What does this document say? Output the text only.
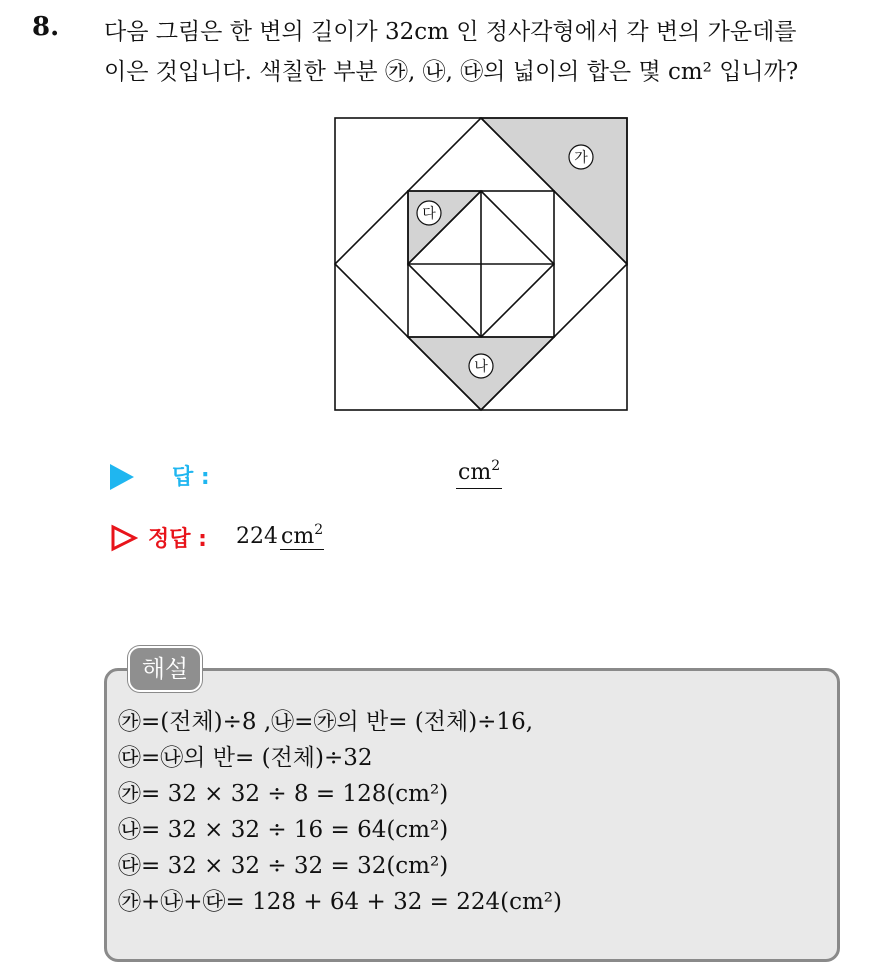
8. 다음 그림은 한 변의 길이가 32cm 인 정사각형에서 각 변의 가운데를
이은 것입니다. 색칠한 부분 ㉮, ㉯, ㉰의 넓이의 합은 몇 cm² 입니까?
가
다
나
답 :	$cm^2$
정답 : 224 $cm^2$
해설
㉮=(전체)÷8 ,㉯=㉮의 반= (전체)÷16,
㉰=㉯의 반= (전체)÷32
㉮= 32 × 32 ÷ 8 = 128(cm²)
㉯= 32 × 32 ÷ 16 = 64(cm²)
㉰= 32 × 32 ÷ 32 = 32(cm²)
㉮+㉯+㉰= 128 + 64 + 32 = 224(cm²)
